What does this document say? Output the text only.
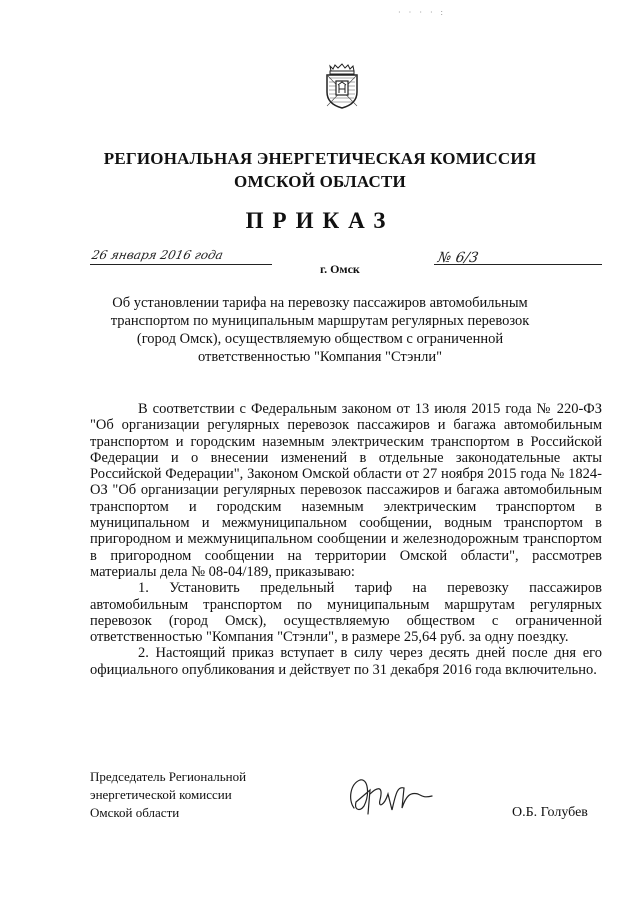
· · · · :
РЕГИОНАЛЬНАЯ ЭНЕРГЕТИЧЕСКАЯ КОМИССИЯ
ОМСКОЙ ОБЛАСТИ
ПРИКАЗ
26 января 2016 года
г. Омск
№ 6/3
Об установлении тарифа на перевозку пассажиров автомобильным транспортом по муниципальным маршрутам регулярных перевозок (город Омск), осуществляемую обществом с ограниченной ответственностью "Компания "Стэнли"

В соответствии с Федеральным законом от 13 июля 2015 года № 220-ФЗ "Об организации регулярных перевозок пассажиров и багажа автомобильным транспортом и городским наземным электрическим транспортом в Российской Федерации и о внесении изменений в отдельные законодательные акты Российской Федерации", Законом Омской области от 27 ноября 2015 года № 1824-ОЗ "Об организации регулярных перевозок пассажиров и багажа автомобильным транспортом и городским наземным электрическим транспортом в муниципальном и межмуниципальном сообщении, водным транспортом в пригородном и межмуниципальном сообщении и железнодорожным транспортом в пригородном сообщении на территории Омской области", рассмотрев материалы дела № 08-04/189, приказываю:

1. Установить предельный тариф на перевозку пассажиров автомобильным транспортом по муниципальным маршрутам регулярных перевозок (город Омск), осуществляемую обществом с ограниченной ответственностью "Компания "Стэнли", в размере 25,64 руб. за одну поездку.

2. Настоящий приказ вступает в силу через десять дней после дня его официального опубликования и действует по 31 декабря 2016 года включительно.

Председатель Региональной
энергетической комиссии
Омской области	О.Б. Голубев
